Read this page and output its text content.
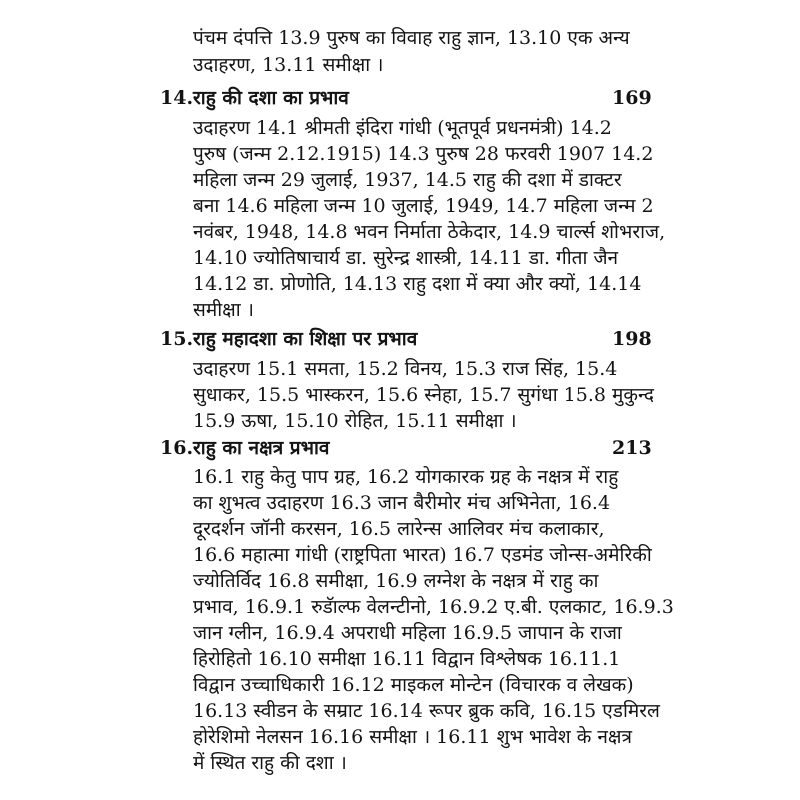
पंचम दंपत्ति 13.9 पुरुष का विवाह राहु ज्ञान, 13.10 एक अन्य

उदाहरण, 13.11 समीक्षा ।

14. राहु की दशा का प्रभाव	169

उदाहरण 14.1 श्रीमती इंदिरा गांधी (भूतपूर्व प्रधनमंत्री) 14.2

पुरुष (जन्म 2.12.1915) 14.3 पुरुष 28 फरवरी 1907 14.2

महिला जन्म 29 जुलाई, 1937, 14.5 राहु की दशा में डाक्टर

बना 14.6 महिला जन्म 10 जुलाई, 1949, 14.7 महिला जन्म 2

नवंबर, 1948, 14.8 भवन निर्माता ठेकेदार, 14.9 चार्ल्स शोभराज,

14.10 ज्योतिषाचार्य डा. सुरेन्द्र शास्त्री, 14.11 डा. गीता जैन

14.12 डा. प्रोणोति, 14.13 राहु दशा में क्या और क्यों, 14.14

समीक्षा ।

15. राहु महादशा का शिक्षा पर प्रभाव	198

उदाहरण 15.1 समता, 15.2 विनय, 15.3 राज सिंह, 15.4

सुधाकर, 15.5 भास्करन, 15.6 स्नेहा, 15.7 सुगंधा 15.8 मुकुन्द

15.9 ऊषा, 15.10 रोहित, 15.11 समीक्षा ।

16. राहु का नक्षत्र प्रभाव	213

16.1 राहु केतु पाप ग्रह, 16.2 योगकारक ग्रह के नक्षत्र में राहु

का शुभत्व उदाहरण 16.3 जान बैरीमोर मंच अभिनेता, 16.4

दूरदर्शन जॉनी करसन, 16.5 लारेन्स आलिवर मंच कलाकार,

16.6 महात्मा गांधी (राष्ट्रपिता भारत) 16.7 एडमंड जोन्स-अमेरिकी

ज्योतिर्विद 16.8 समीक्षा, 16.9 लग्नेश के नक्षत्र में राहु का

प्रभाव, 16.9.1 रुडॅाल्फ वेलन्टीनो, 16.9.2 ए.बी. एलकाट, 16.9.3

जान ग्लीन, 16.9.4 अपराधी महिला 16.9.5 जापान के राजा

हिरोहितो 16.10 समीक्षा 16.11 विद्वान विश्लेषक 16.11.1

विद्वान उच्चाधिकारी 16.12 माइकल मोन्टेन (विचारक व लेखक)

16.13 स्वीडन के सम्राट 16.14 रूपर ब्रुक कवि, 16.15 एडमिरल

होरेशिमो नेलसन 16.16 समीक्षा । 16.11 शुभ भावेश के नक्षत्र

में स्थित राहु की दशा ।
